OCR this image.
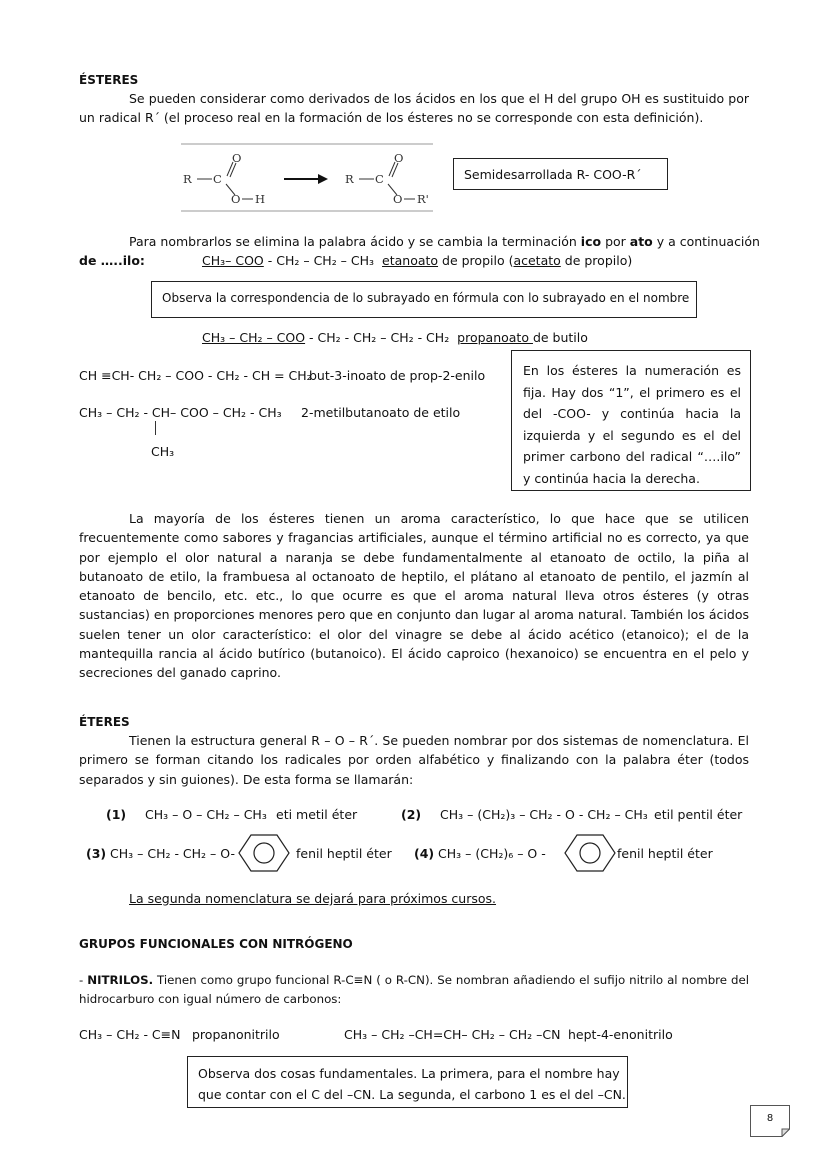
ÉSTERES
Se pueden considerar como derivados de los ácidos en los que el H del grupo OH es sustituido por un radical R´ (el proceso real en la formación de los ésteres no se corresponde con esta definición).
R C
O
O H
R C
O
O R'
Semidesarrollada R- COO-R´
Para nombrarlos se elimina la palabra ácido y se cambia la terminación ico por ato y a continuación
de …..ilo:	CH₃– COO - CH₂ – CH₂ – CH₃ etanoato de propilo (acetato de propilo)
Observa la correspondencia de lo subrayado en fórmula con lo subrayado en el nombre
CH₃ – CH₂ – COO - CH₂ - CH₂ – CH₂ - CH₂ propanoato de butilo
CH ≡CH- CH₂ – COO - CH₂ - CH = CH₂
but-3-inoato de prop-2-enilo
CH₃ – CH₂ - CH– COO – CH₂ - CH₃ 2-metilbutanoato de etilo
CH₃
En los ésteres la numeración es
fija. Hay dos “1”, el primero es el
del -COO- y continúa hacia la
izquierda y el segundo es el del
primer carbono del radical “….ilo”
y continúa hacia la derecha.
La mayoría de los ésteres tienen un aroma característico, lo que hace que se utilicen frecuentemente como sabores y fragancias artificiales, aunque el término artificial no es correcto, ya que por ejemplo el olor natural a naranja se debe fundamentalmente al etanoato de octilo, la piña al butanoato de etilo, la frambuesa al octanoato de heptilo, el plátano al etanoato de pentilo, el jazmín al etanoato de bencilo, etc. etc., lo que ocurre es que el aroma natural lleva otros ésteres (y otras sustancias) en proporciones menores pero que en conjunto dan lugar al aroma natural. También los ácidos suelen tener un olor característico: el olor del vinagre se debe al ácido acético (etanoico); el de la mantequilla rancia al ácido butírico (butanoico). El ácido caproico (hexanoico) se encuentra en el pelo y secreciones del ganado caprino.
ÉTERES
Tienen la estructura general R – O – R´. Se pueden nombrar por dos sistemas de nomenclatura. El primero se forman citando los radicales por orden alfabético y finalizando con la palabra éter (todos separados y sin guiones). De esta forma se llamarán:
(1) CH₃ – O – CH₂ – CH₃ eti metil éter	(2) CH₃ – (CH₂)₃ – CH₂ - O - CH₂ – CH₃ etil pentil éter
(3) CH₃ – CH₂ - CH₂ – O-	fenil heptil éter (4) CH₃ – (CH₂)₆ – O -	fenil heptil éter
La segunda nomenclatura se dejará para próximos cursos.
GRUPOS FUNCIONALES CON NITRÓGENO
- NITRILOS. Tienen como grupo funcional R-C≡N ( o R-CN). Se nombran añadiendo el sufijo nitrilo al nombre del hidrocarburo con igual número de carbonos:
CH₃ – CH₂ - C≡N propanonitrilo	CH₃ – CH₂ –CH=CH– CH₂ – CH₂ –CN hept-4-enonitrilo
Observa dos cosas fundamentales. La primera, para el nombre hay
que contar con el C del –CN. La segunda, el carbono 1 es el del –CN.
8
